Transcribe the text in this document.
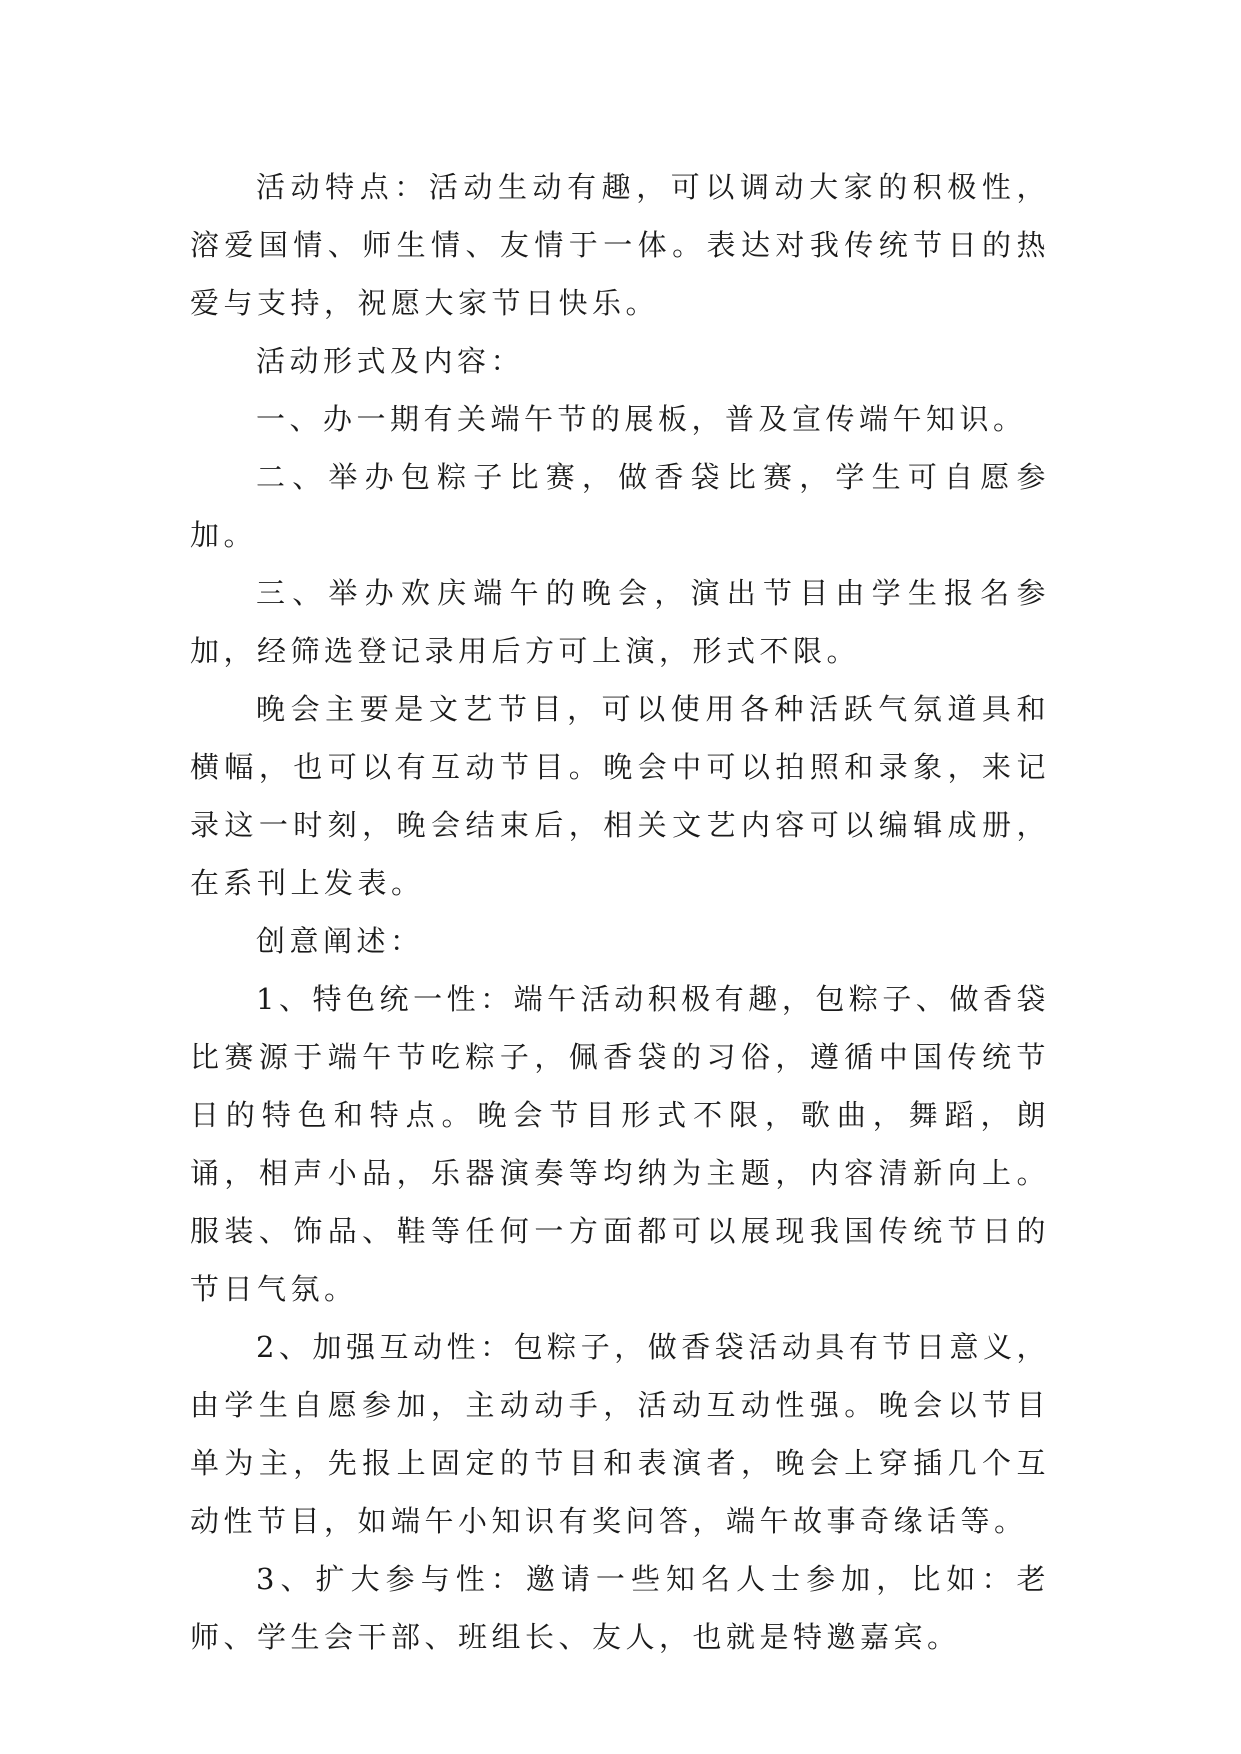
活动特点：活动生动有趣，可以调动大家的积极性，溶爱国情、师生情、友情于一体。表达对我传统节日的热爱与支持，祝愿大家节日快乐。

活动形式及内容：

一、办一期有关端午节的展板，普及宣传端午知识。

二、举办包粽子比赛，做香袋比赛，学生可自愿参加。

三、举办欢庆端午的晚会，演出节目由学生报名参加，经筛选登记录用后方可上演，形式不限。

晚会主要是文艺节目，可以使用各种活跃气氛道具和横幅，也可以有互动节目。晚会中可以拍照和录象，来记录这一时刻，晚会结束后，相关文艺内容可以编辑成册，在系刊上发表。

创意阐述：

1、特色统一性：端午活动积极有趣，包粽子、做香袋比赛源于端午节吃粽子，佩香袋的习俗，遵循中国传统节日的特色和特点。晚会节目形式不限，歌曲，舞蹈，朗诵，相声小品，乐器演奏等均纳为主题，内容清新向上。服装、饰品、鞋等任何一方面都可以展现我国传统节日的节日气氛。

2、加强互动性：包粽子，做香袋活动具有节日意义，由学生自愿参加，主动动手，活动互动性强。晚会以节目单为主，先报上固定的节目和表演者，晚会上穿插几个互动性节目，如端午小知识有奖问答，端午故事奇缘话等。

3、扩大参与性：邀请一些知名人士参加，比如：老师、学生会干部、班组长、友人，也就是特邀嘉宾。
